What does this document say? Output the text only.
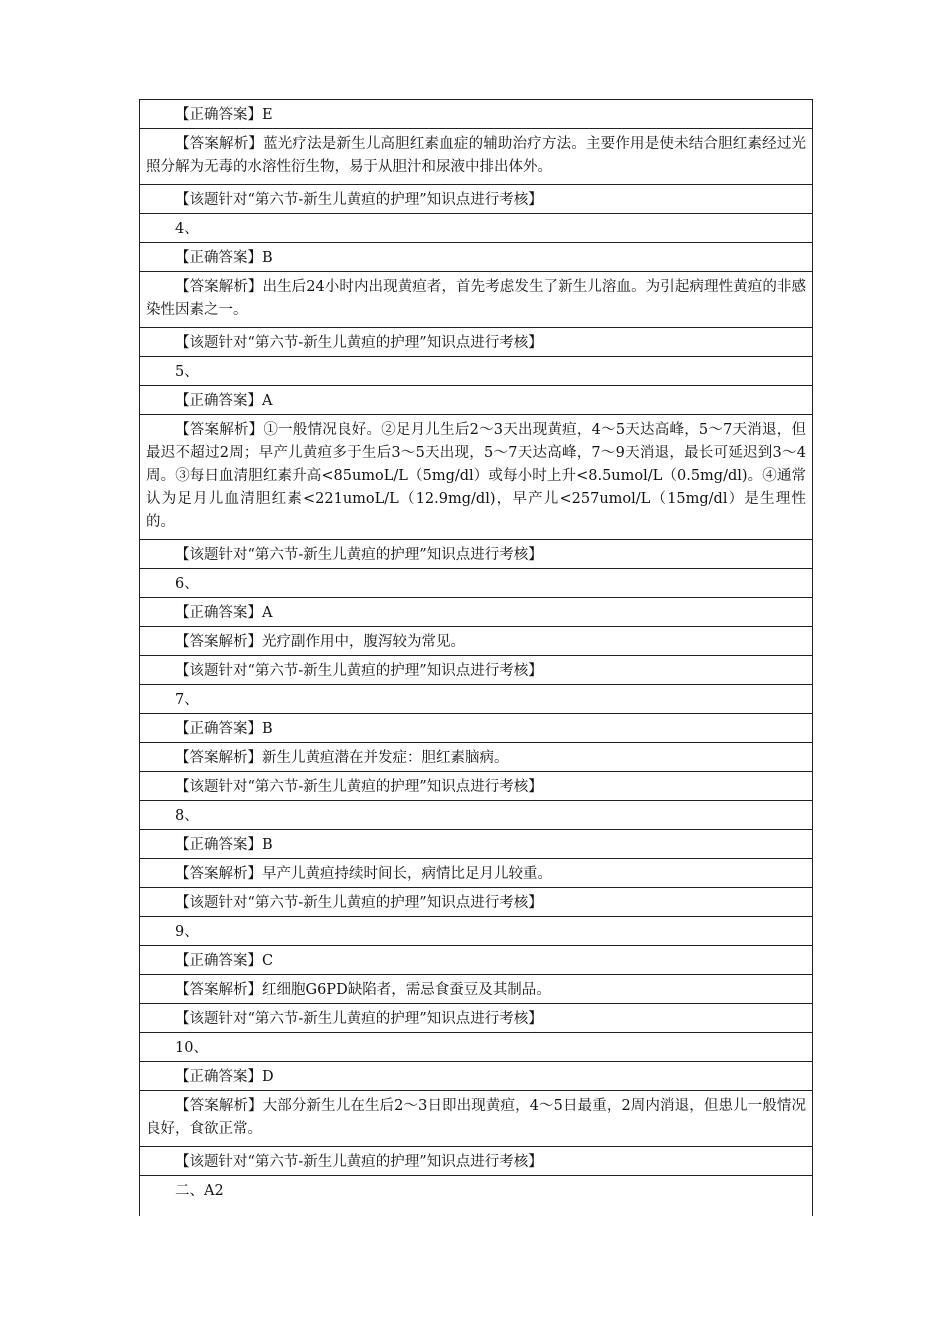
【正确答案】E
【答案解析】蓝光疗法是新生儿高胆红素血症的辅助治疗方法。主要作用是使未结合胆红素经过光照分解为无毒的水溶性衍生物，易于从胆汁和尿液中排出体外。
【该题针对“第六节-新生儿黄疸的护理”知识点进行考核】
4、
【正确答案】B
【答案解析】出生后24小时内出现黄疸者，首先考虑发生了新生儿溶血。为引起病理性黄疸的非感染性因素之一。
【该题针对“第六节-新生儿黄疸的护理”知识点进行考核】
5、
【正确答案】A
【答案解析】①一般情况良好。②足月儿生后2～3天出现黄疸，4～5天达高峰，5～7天消退，但最迟不超过2周；早产儿黄疸多于生后3～5天出现，5～7天达高峰，7～9天消退，最长可延迟到3～4周。③每日血清胆红素升高<85umoL/L（5mg/dl）或每小时上升<8.5umol/L（0.5mg/dl)。④通常认为足月儿血清胆红素<221umoL/L（12.9mg/dl)，早产儿<257umol/L（15mg/dl）是生理性的。
【该题针对“第六节-新生儿黄疸的护理”知识点进行考核】
6、
【正确答案】A
【答案解析】光疗副作用中，腹泻较为常见。
【该题针对“第六节-新生儿黄疸的护理”知识点进行考核】
7、
【正确答案】B
【答案解析】新生儿黄疸潜在并发症：胆红素脑病。
【该题针对“第六节-新生儿黄疸的护理”知识点进行考核】
8、
【正确答案】B
【答案解析】早产儿黄疸持续时间长，病情比足月儿较重。
【该题针对“第六节-新生儿黄疸的护理”知识点进行考核】
9、
【正确答案】C
【答案解析】红细胞G6PD缺陷者，需忌食蚕豆及其制品。
【该题针对“第六节-新生儿黄疸的护理”知识点进行考核】
10、
【正确答案】D
【答案解析】大部分新生儿在生后2～3日即出现黄疸，4～5日最重，2周内消退，但患儿一般情况良好，食欲正常。
【该题针对“第六节-新生儿黄疸的护理”知识点进行考核】
二、A2
